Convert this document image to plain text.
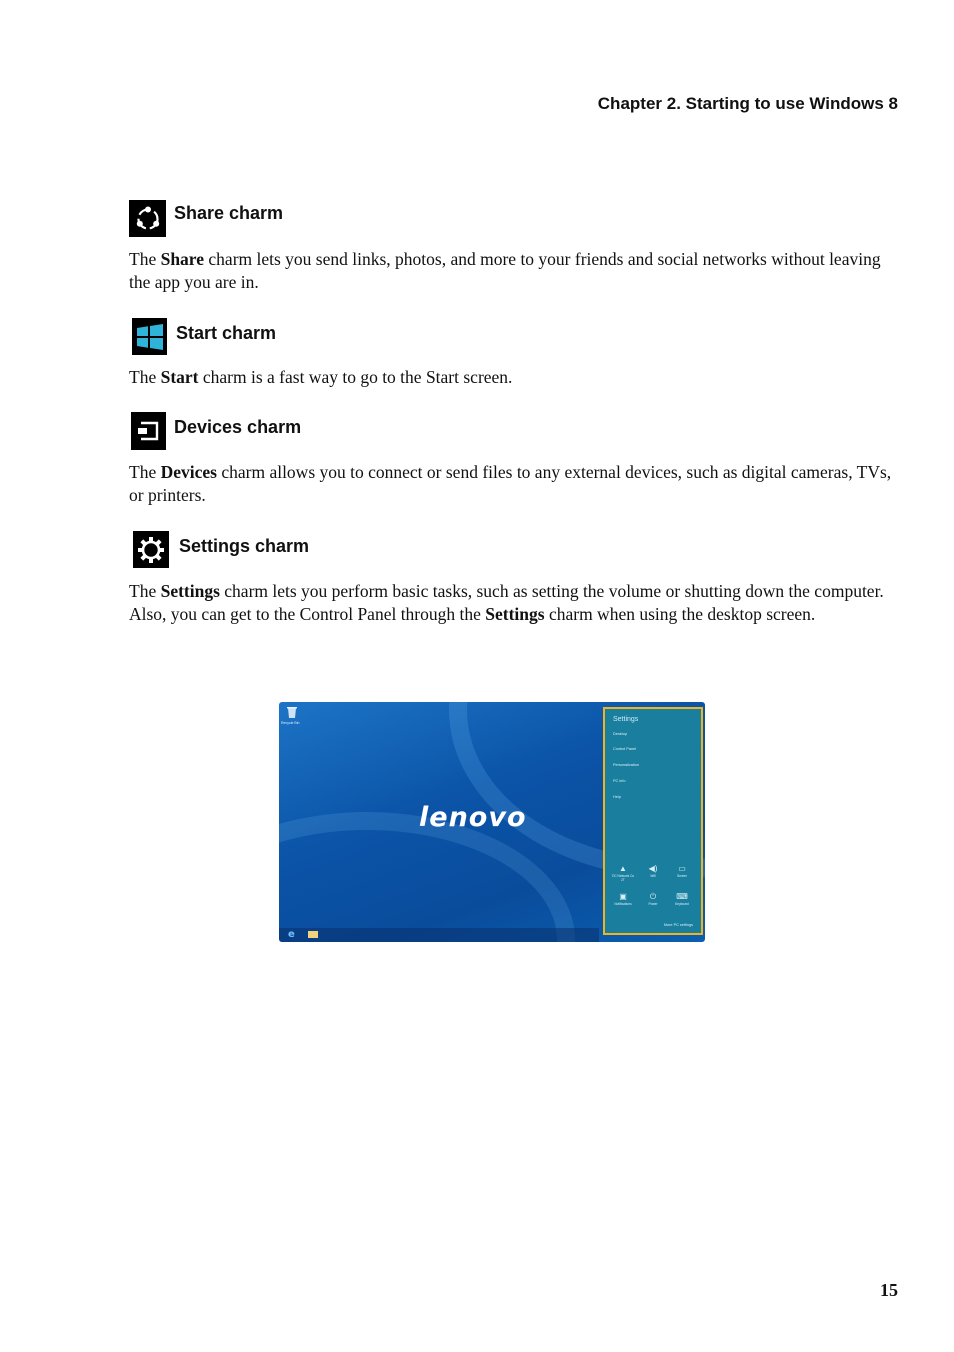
Chapter 2. Starting to use Windows 8
Share charm
The Share charm lets you send links, photos, and more to your friends and social networks without leaving the app you are in.
Start charm
The Start charm is a fast way to go to the Start screen.
Devices charm
The Devices charm allows you to connect or send files to any external devices, such as digital cameras, TVs, or printers.
Settings charm
The Settings charm lets you perform basic tasks, such as setting the volume or shutting down the computer. Also, you can get to the Control Panel through the Settings charm when using the desktop screen.
Recycle Bin
lenovo
e
Settings
Desktop
Control Panel
Personalization
PC info
Help
▲
TiC Network Cu 2T
◀)
Wifi
▭
Screen
▣
Notifications
⏻
Power
⌨
Keyboard
More PC settings
15
